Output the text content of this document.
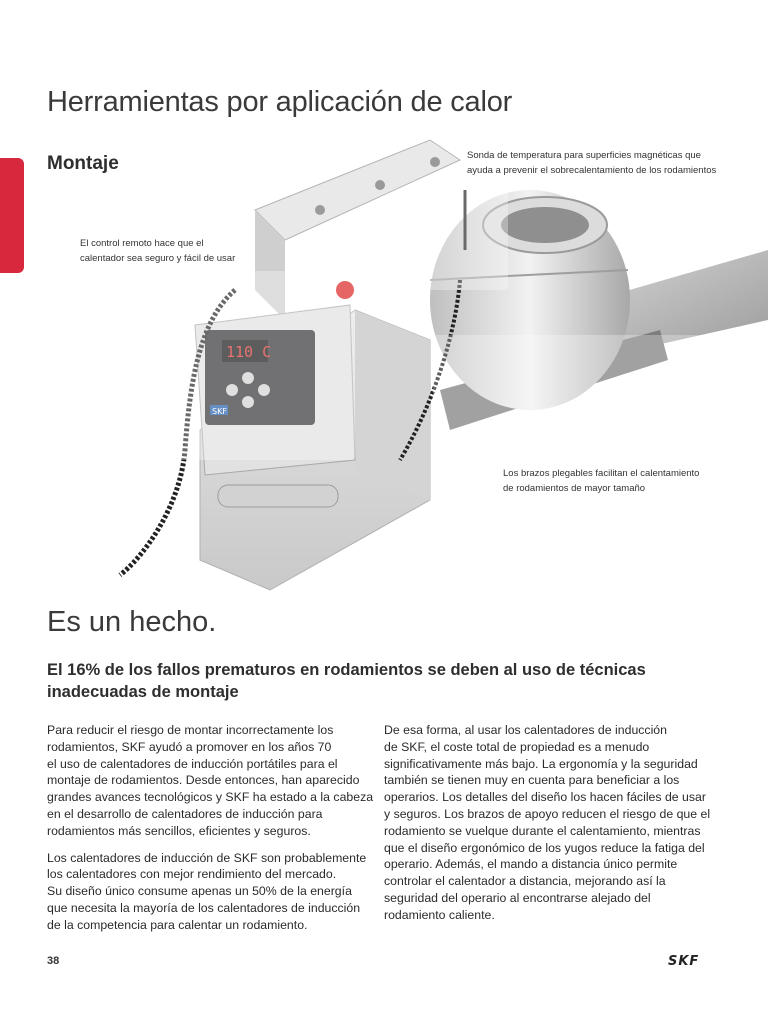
Herramientas por aplicación de calor
110 C
SKF
Montaje

El control remoto hace que el
calentador sea seguro y fácil de usar

Sonda de temperatura para superficies magnéticas que
ayuda a prevenir el sobrecalentamiento de los rodamientos

Los brazos plegables facilitan el calentamiento
de rodamientos de mayor tamaño

Es un hecho.
El 16% de los fallos prematuros en rodamientos se deben al uso de técnicas
inadecuadas de montaje

Para reducir el riesgo de montar incorrectamente los
rodamientos, SKF ayudó a promover en los años 70
el uso de calentadores de inducción portátiles para el
montaje de rodamientos. Desde entonces, han aparecido
grandes avances tecnológicos y SKF ha estado a la cabeza
en el desarrollo de calentadores de inducción para
rodamientos más sencillos, eficientes y seguros.

Los calentadores de inducción de SKF son probablemente
los calentadores con mejor rendimiento del mercado.
Su diseño único consume apenas un 50% de la energía
que necesita la mayoría de los calentadores de inducción
de la competencia para calentar un rodamiento.

De esa forma, al usar los calentadores de inducción
de SKF, el coste total de propiedad es a menudo
significativamente más bajo. La ergonomía y la seguridad
también se tienen muy en cuenta para beneficiar a los
operarios. Los detalles del diseño los hacen fáciles de usar
y seguros. Los brazos de apoyo reducen el riesgo de que el
rodamiento se vuelque durante el calentamiento, mientras
que el diseño ergonómico de los yugos reduce la fatiga del
operario. Además, el mando a distancia único permite
controlar el calentador a distancia, mejorando así la
seguridad del operario al encontrarse alejado del
rodamiento caliente.

38	SKF
